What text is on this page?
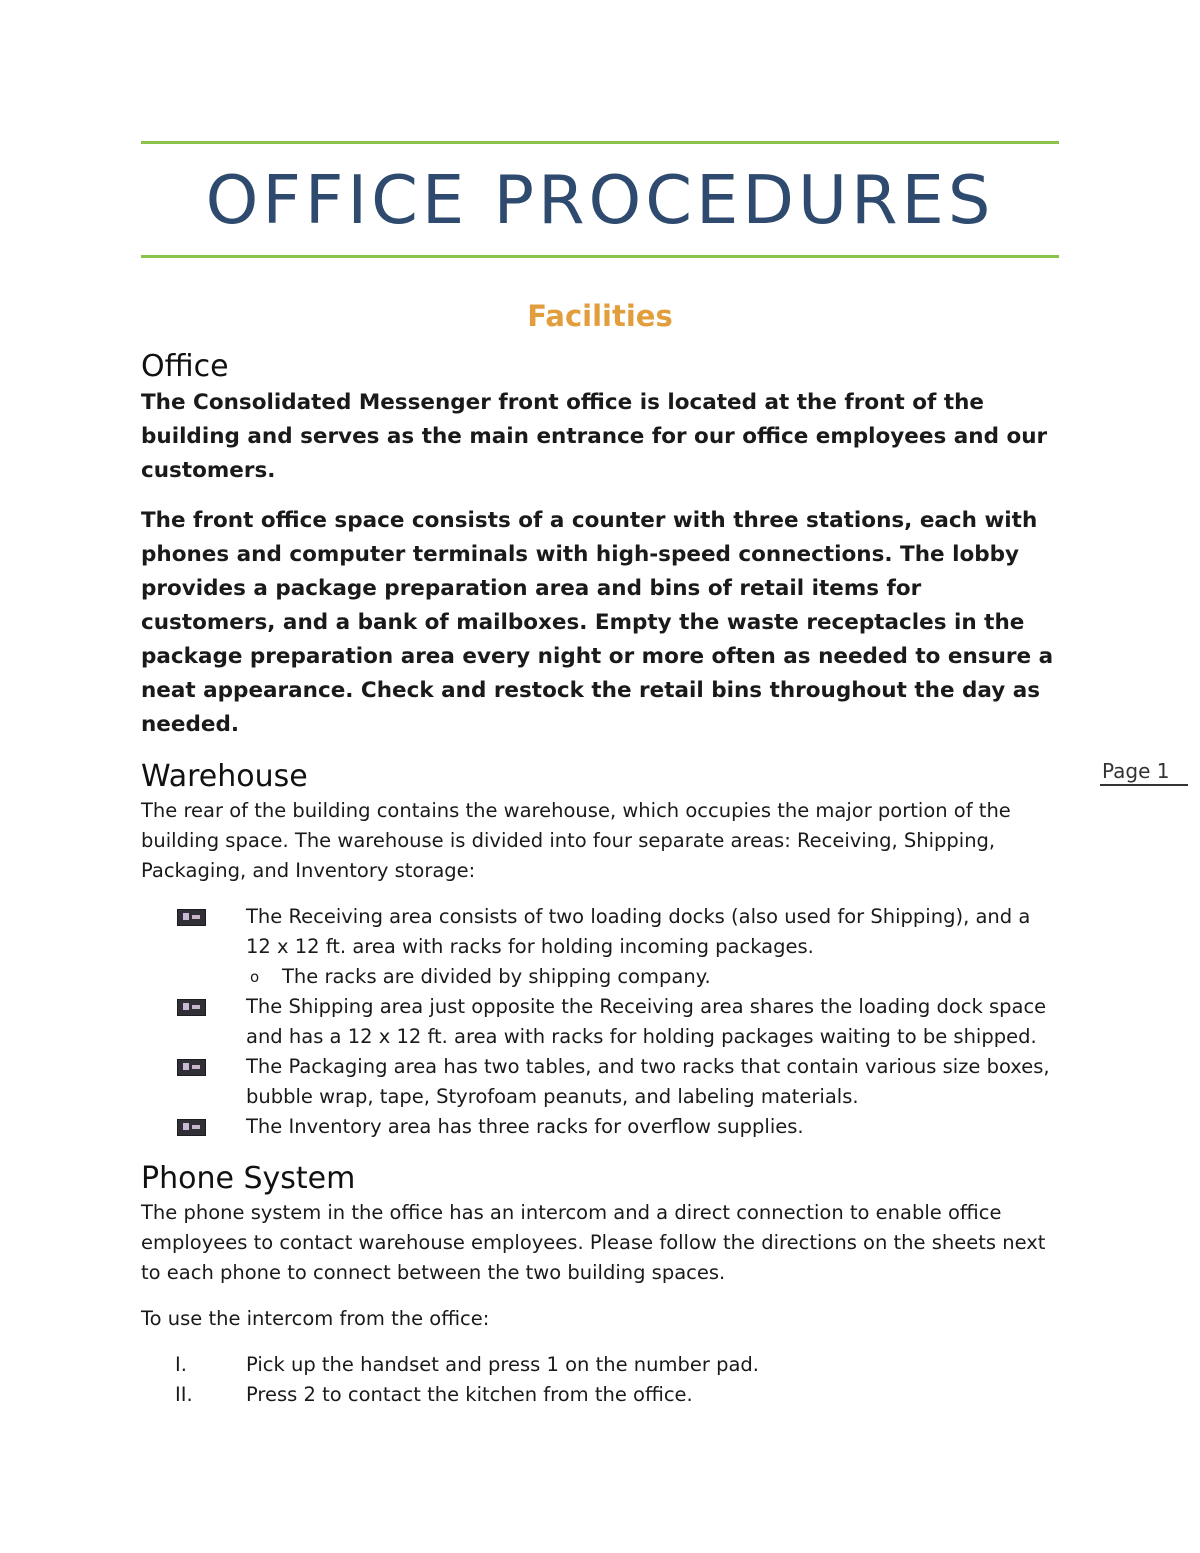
OFFICE PROCEDURES
Facilities
Office

The Consolidated Messenger front office is located at the front of the building and serves as the main entrance for our office employees and our customers.

The front office space consists of a counter with three stations, each with phones and computer terminals with high-speed connections. The lobby provides a package preparation area and bins of retail items for customers, and a bank of mailboxes. Empty the waste receptacles in the package preparation area every night or more often as needed to ensure a neat appearance. Check and restock the retail bins throughout the day as needed.

Warehouse

The rear of the building contains the warehouse, which occupies the major portion of the building space. The warehouse is divided into four separate areas: Receiving, Shipping, Packaging, and Inventory storage:

The Receiving area consists of two loading docks (also used for Shipping), and a 12 x 12 ft. area with racks for holding incoming packages.
o The racks are divided by shipping company.
The Shipping area just opposite the Receiving area shares the loading dock space and has a 12 x 12 ft. area with racks for holding packages waiting to be shipped.
The Packaging area has two tables, and two racks that contain various size boxes, bubble wrap, tape, Styrofoam peanuts, and labeling materials.
The Inventory area has three racks for overflow supplies.
Phone System

The phone system in the office has an intercom and a direct connection to enable office employees to contact warehouse employees. Please follow the directions on the sheets next to each phone to connect between the two building spaces.

To use the intercom from the office:

I.	Pick up the handset and press 1 on the number pad.
II.	Press 2 to contact the kitchen from the office.
Page 1
